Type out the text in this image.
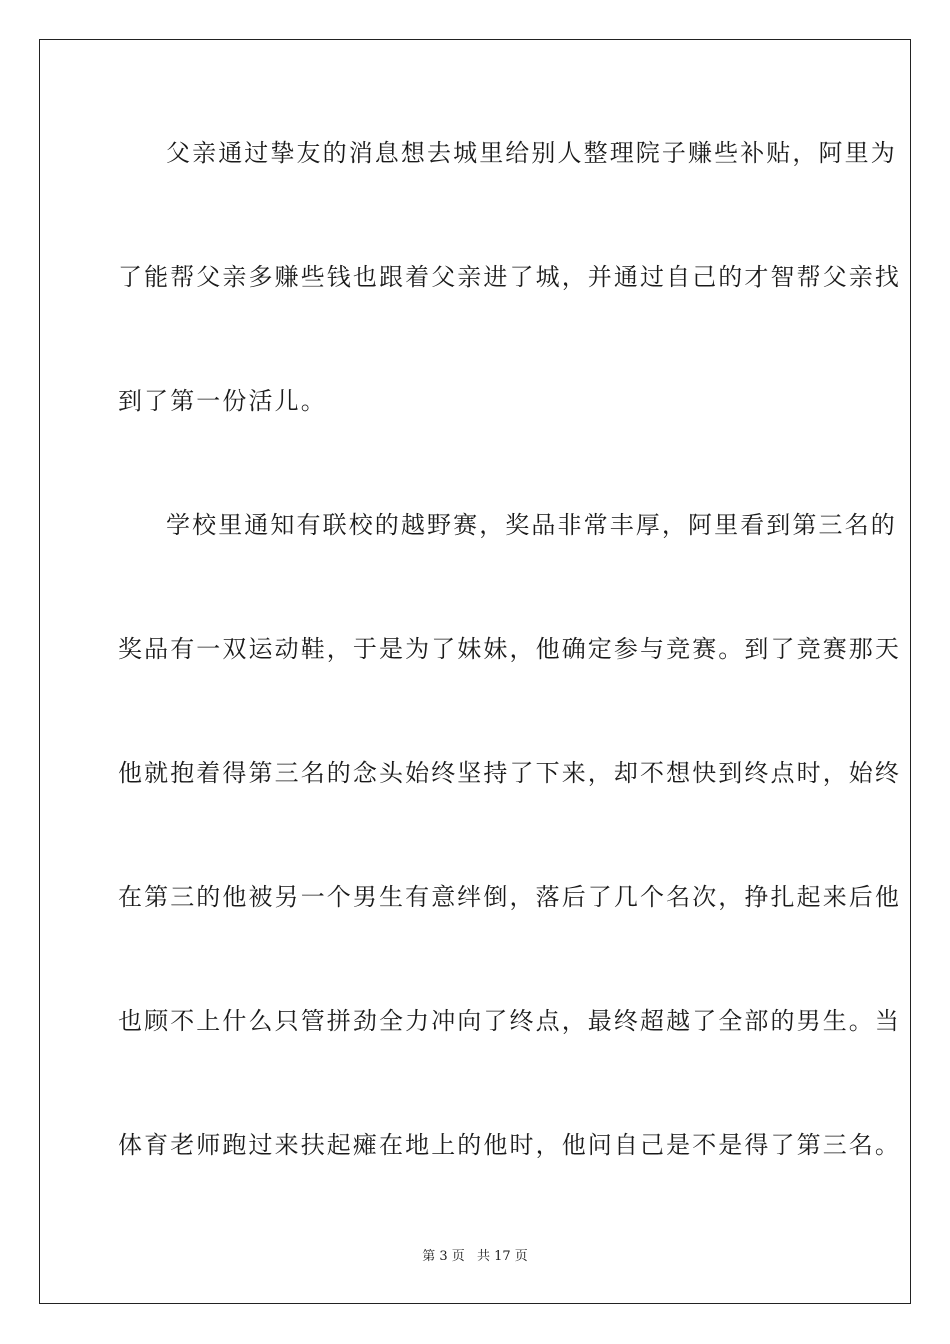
父亲通过挚友的消息想去城里给别人整理院子赚些补贴，阿里为
了能帮父亲多赚些钱也跟着父亲进了城，并通过自己的才智帮父亲找
到了第一份活儿。
学校里通知有联校的越野赛，奖品非常丰厚，阿里看到第三名的
奖品有一双运动鞋，于是为了妹妹，他确定参与竞赛。到了竞赛那天
他就抱着得第三名的念头始终坚持了下来，却不想快到终点时，始终
在第三的他被另一个男生有意绊倒，落后了几个名次，挣扎起来后他
也顾不上什么只管拼劲全力冲向了终点，最终超越了全部的男生。当
体育老师跑过来扶起瘫在地上的他时，他问自己是不是得了第三名。
第 3 页 共 17 页
